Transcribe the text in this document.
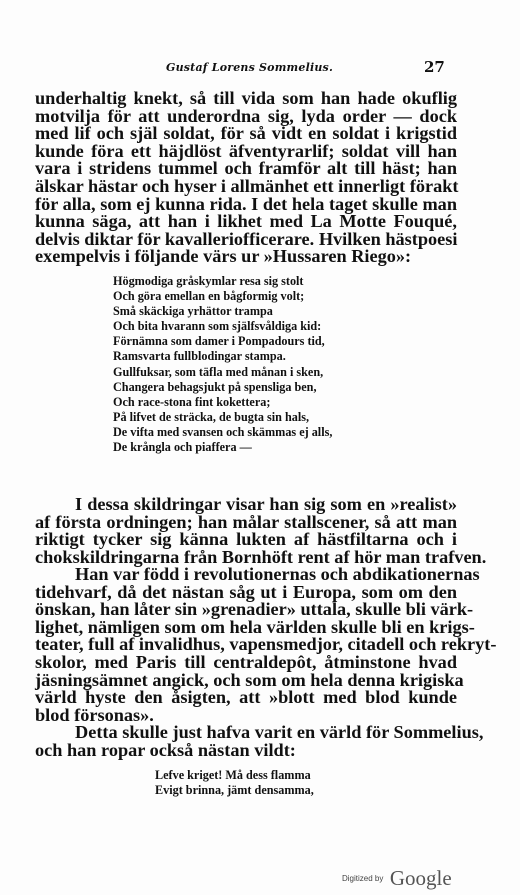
Gustaf Lorens Sommelius.	27
underhaltig knekt, så till vida som han hade okuflig
motvilja för att underordna sig, lyda order — dock
med lif och själ soldat, för så vidt en soldat i krigstid
kunde föra ett häjdlöst äfventyrarlif; soldat vill han
vara i stridens tummel och framför alt till häst; han
älskar hästar och hyser i allmänhet ett innerligt förakt
för alla, som ej kunna rida. I det hela taget skulle man
kunna säga, att han i likhet med La Motte Fouqué,
delvis diktar för kavalleriofficerare. Hvilken hästpoesi
exempelvis i följande värs ur »Hussaren Riego»:
Högmodiga gråskymlar resa sig stolt
Och göra emellan en bågformig volt;
Små skäckiga yrhättor trampa
Och bita hvarann som själfsvåldiga kid:
Förnämna som damer i Pompadours tid,
Ramsvarta fullblodingar stampa.
Gullfuksar, som täfla med månan i sken,
Changera behagsjukt på spensliga ben,
Och race-stona fint kokettera;
På lifvet de sträcka, de bugta sin hals,
De vifta med svansen och skämmas ej alls,
De krångla och piaffera —
I dessa skildringar visar han sig som en »realist»
af första ordningen; han målar stallscener, så att man
riktigt tycker sig känna lukten af hästfiltarna och i
chokskildringarna från Bornhöft rent af hör man trafven.
Han var född i revolutionernas och abdikationernas
tidehvarf, då det nästan såg ut i Europa, som om den
önskan, han låter sin »grenadier» uttala, skulle bli värk-
lighet, nämligen som om hela världen skulle bli en krigs-
teater, full af invalidhus, vapensmedjor, citadell och rekryt-
skolor, med Paris till centraldepôt, åtminstone hvad
jäsningsämnet angick, och som om hela denna krigiska
värld hyste den åsigten, att »blott med blod kunde
blod försonas».
Detta skulle just hafva varit en värld för Sommelius,
och han ropar också nästan vildt:
Lefve kriget! Må dess flamma
Evigt brinna, jämt densamma,
Digitized by Google
